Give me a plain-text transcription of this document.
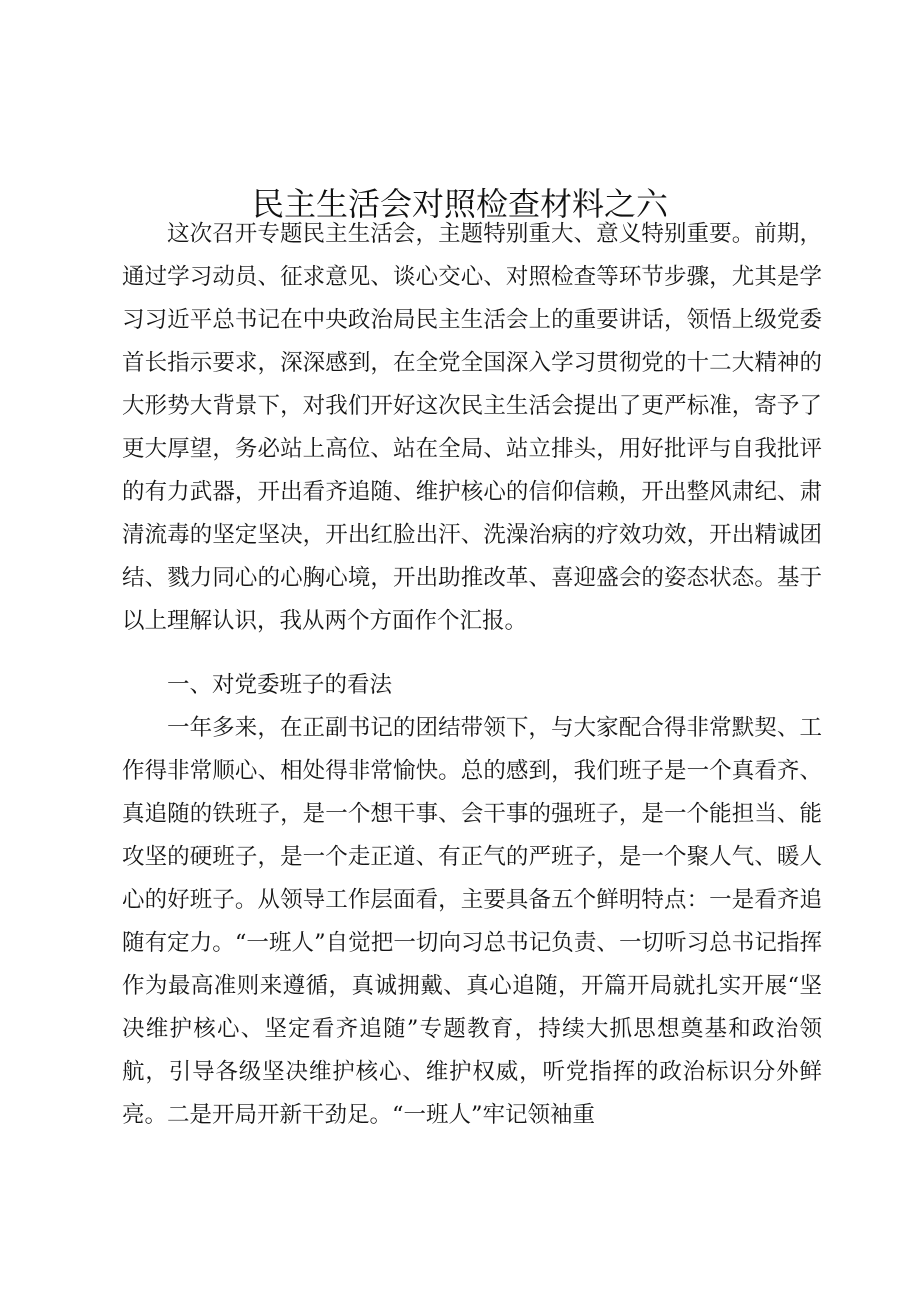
民主生活会对照检查材料之六

这次召开专题民主生活会，主题特别重大、意义特别重要。前期，通过学习动员、征求意见、谈心交心、对照检查等环节步骤，尤其是学习习近平总书记在中央政治局民主生活会上的重要讲话，领悟上级党委首长指示要求，深深感到，在全党全国深入学习贯彻党的十二大精神的大形势大背景下，对我们开好这次民主生活会提出了更严标准，寄予了更大厚望，务必站上高位、站在全局、站立排头，用好批评与自我批评的有力武器，开出看齐追随、维护核心的信仰信赖，开出整风肃纪、肃清流毒的坚定坚决，开出红脸出汗、洗澡治病的疗效功效，开出精诚团结、戮力同心的心胸心境，开出助推改革、喜迎盛会的姿态状态。基于以上理解认识，我从两个方面作个汇报。

一、对党委班子的看法

一年多来，在正副书记的团结带领下，与大家配合得非常默契、工作得非常顺心、相处得非常愉快。总的感到，我们班子是一个真看齐、真追随的铁班子，是一个想干事、会干事的强班子，是一个能担当、能攻坚的硬班子，是一个走正道、有正气的严班子，是一个聚人气、暖人心的好班子。从领导工作层面看，主要具备五个鲜明特点：一是看齐追随有定力。“一班人”自觉把一切向习总书记负责、一切听习总书记指挥作为最高准则来遵循，真诚拥戴、真心追随，开篇开局就扎实开展“坚决维护核心、坚定看齐追随”专题教育，持续大抓思想奠基和政治领航，引导各级坚决维护核心、维护权威，听党指挥的政治标识分外鲜亮。二是开局开新干劲足。“一班人”牢记领袖重
